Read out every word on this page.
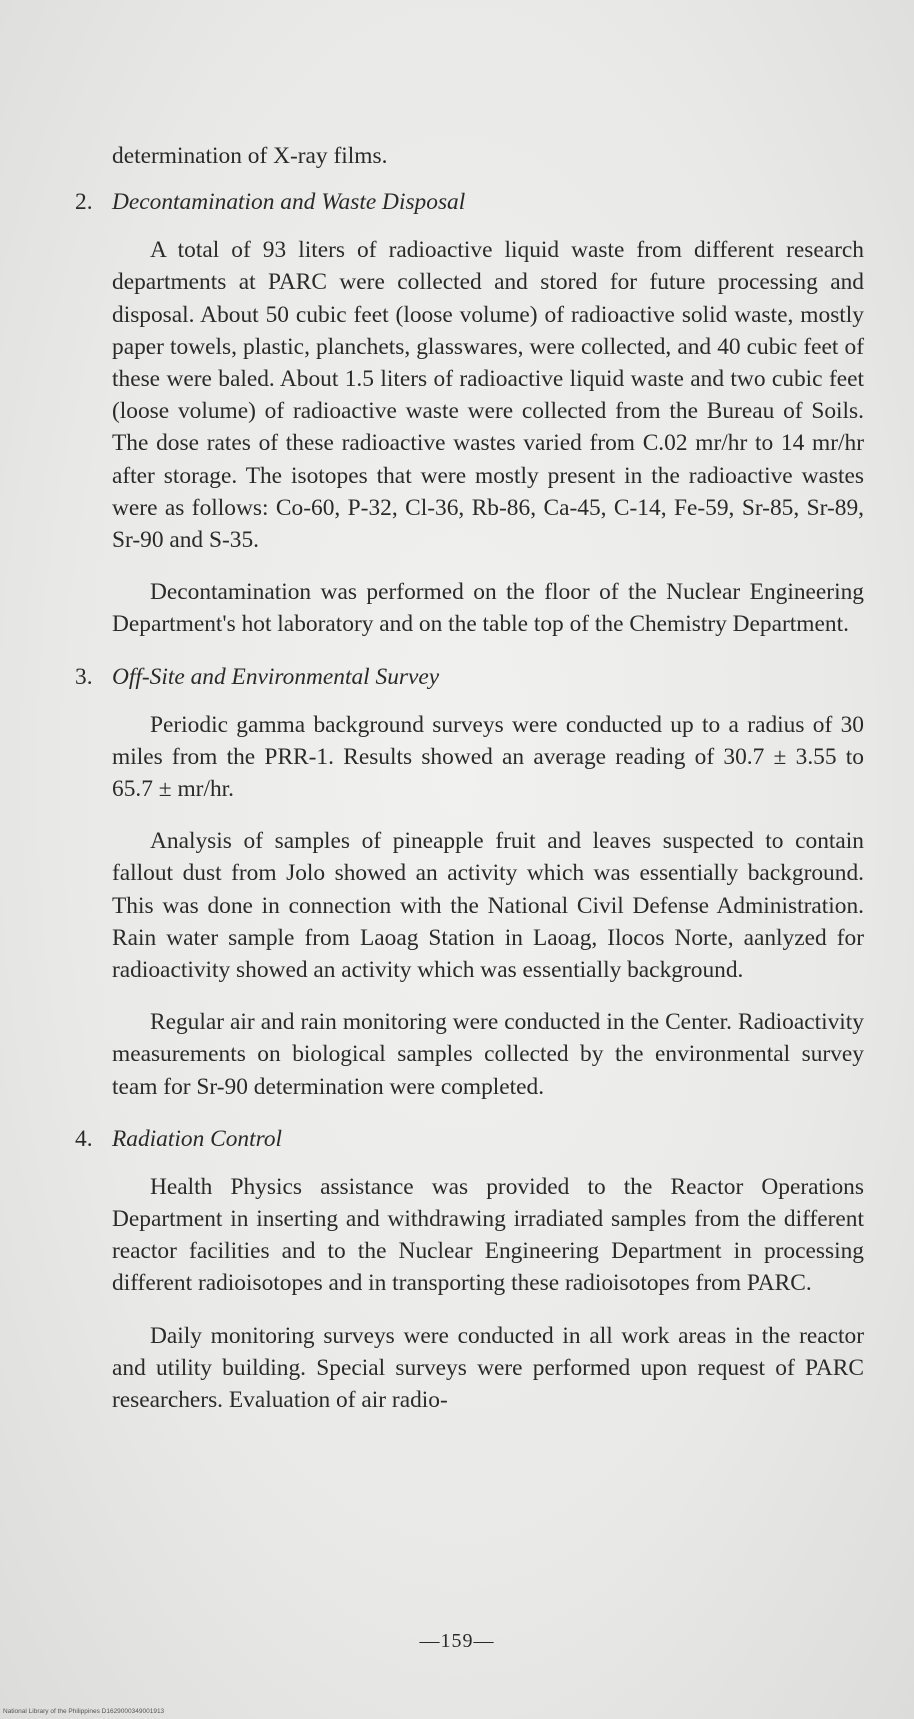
determination of X-ray films.

2. Decontamination and Waste Disposal

A total of 93 liters of radioactive liquid waste from different research departments at PARC were collected and stored for future processing and disposal. About 50 cubic feet (loose volume) of radioactive solid waste, mostly paper towels, plastic, planchets, glasswares, were collected, and 40 cubic feet of these were baled. About 1.5 liters of radioactive liquid waste and two cubic feet (loose volume) of radioactive waste were collected from the Bureau of Soils. The dose rates of these radioactive wastes varied from C.02 mr/hr to 14 mr/hr after storage. The isotopes that were mostly present in the radioactive wastes were as follows: Co-60, P-32, Cl-36, Rb-86, Ca-45, C-14, Fe-59, Sr-85, Sr-89, Sr-90 and S-35.

Decontamination was performed on the floor of the Nuclear Engineering Department's hot laboratory and on the table top of the Chemistry Department.

3. Off-Site and Environmental Survey

Periodic gamma background surveys were conducted up to a radius of 30 miles from the PRR-1. Results showed an average reading of 30.7 ± 3.55 to 65.7 ± mr/hr.

Analysis of samples of pineapple fruit and leaves suspected to contain fallout dust from Jolo showed an activity which was essentially background. This was done in connection with the National Civil Defense Administration. Rain water sample from Laoag Station in Laoag, Ilocos Norte, aanlyzed for radioactivity showed an activity which was essentially background.

Regular air and rain monitoring were conducted in the Center. Radioactivity measurements on biological samples collected by the environmental survey team for Sr-90 determination were completed.

4. Radiation Control

Health Physics assistance was provided to the Reactor Operations Department in inserting and withdrawing irradiated samples from the different reactor facilities and to the Nuclear Engineering Department in processing different radioisotopes and in transporting these radioisotopes from PARC.

Daily monitoring surveys were conducted in all work areas in the reactor and utility building. Special surveys were performed upon request of PARC researchers. Evaluation of air radio-

—159—
National Library of the Philippines D1629000349001913
